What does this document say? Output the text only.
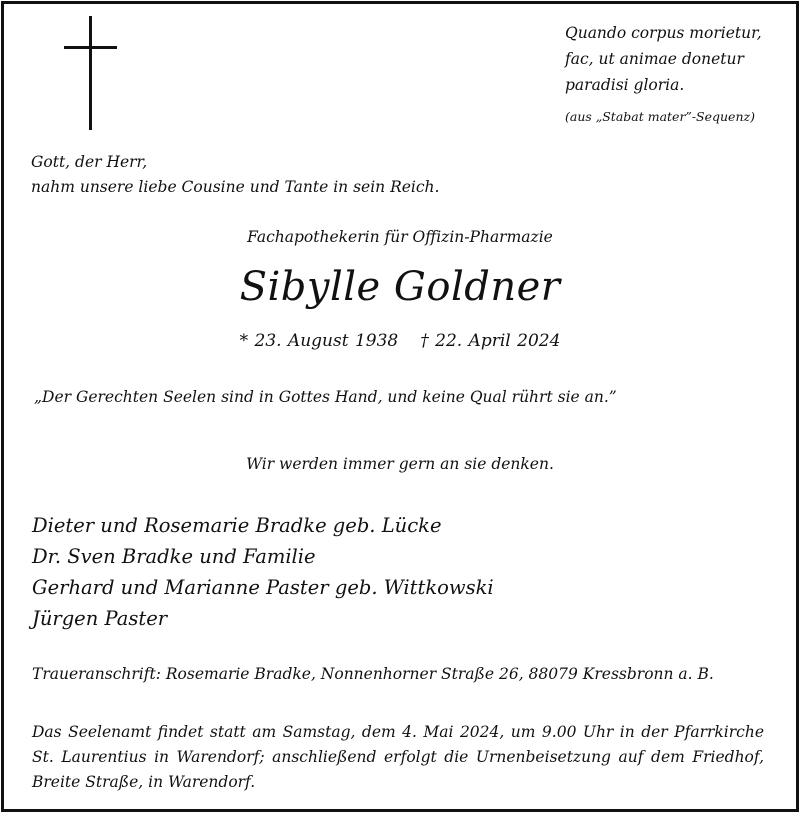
Quando corpus morietur,
fac, ut animae donetur
paradisi gloria.
(aus „Stabat mater”-Sequenz)
Gott, der Herr,
nahm unsere liebe Cousine und Tante in sein Reich.
Fachapothekerin für Offizin-Pharmazie
Sibylle Goldner
* 23. August 1938 † 22. April 2024
„Der Gerechten Seelen sind in Gottes Hand, und keine Qual rührt sie an.”
Wir werden immer gern an sie denken.
Dieter und Rosemarie Bradke geb. Lücke
Dr. Sven Bradke und Familie
Gerhard und Marianne Paster geb. Wittkowski
Jürgen Paster
Traueranschrift: Rosemarie Bradke, Nonnenhorner Straße 26, 88079 Kressbronn a. B.
Das Seelenamt findet statt am Samstag, dem 4. Mai 2024, um 9.00 Uhr in der Pfarrkirche St. Laurentius in Warendorf; anschließend erfolgt die Urnenbeisetzung auf dem Friedhof, Breite Straße, in Warendorf.
